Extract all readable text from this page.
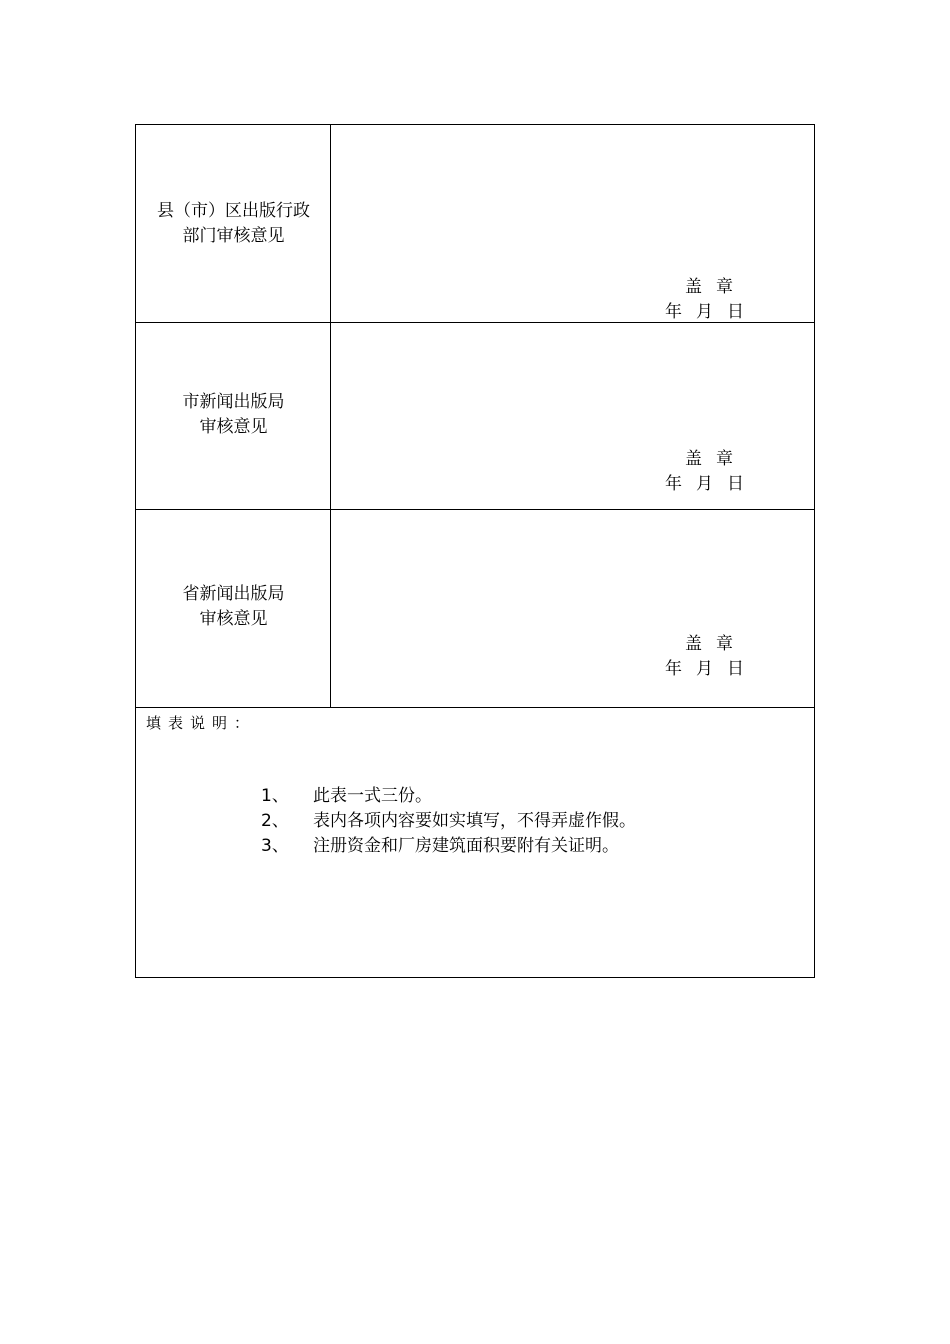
县（市）区出版行政
部门审核意见
盖章
年 月 日
市新闻出版局
审核意见
盖章
年 月 日
省新闻出版局
审核意见
盖章
年 月 日
填表说明：
1、 此表一式三份。
2、 表内各项内容要如实填写，不得弄虚作假。
3、 注册资金和厂房建筑面积要附有关证明。
